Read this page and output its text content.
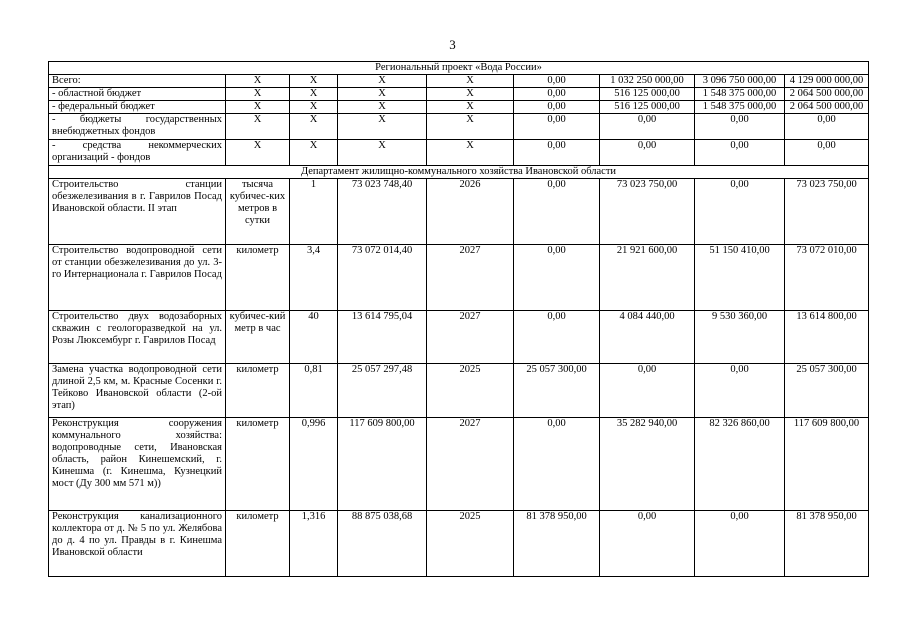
3
Региональный проект «Вода России»								
Всего:	Х	Х	Х	Х	0,00	1 032 250 000,00	3 096 750 000,00	4 129 000 000,00
- областной бюджет	Х	Х	Х	Х	0,00	516 125 000,00	1 548 375 000,00	2 064 500 000,00
- федеральный бюджет	Х	Х	Х	Х	0,00	516 125 000,00	1 548 375 000,00	2 064 500 000,00
- бюджеты государственных внебюджетных фондов	Х	Х	Х	Х	0,00	0,00	0,00	0,00
- средства некоммерческих организаций - фондов	Х	Х	Х	Х	0,00	0,00	0,00	0,00
Департамент жилищно-коммунального хозяйства Ивановской области								
Строительство станции обезжелезивания в г. Гаврилов Посад Ивановской области. II этап	тысяча кубичес-ких метров в сутки	1	73 023 748,40	2026	0,00	73 023 750,00	0,00	73 023 750,00
Строительство водопроводной сети от станции обезжелезивания до ул. 3-го Интернационала г. Гаврилов Посад	километр	3,4	73 072 014,40	2027	0,00	21 921 600,00	51 150 410,00	73 072 010,00
Строительство двух водозаборных скважин с геологоразведкой на ул. Розы Люксембург г. Гаврилов Посад	кубичес-кий метр в час	40	13 614 795,04	2027	0,00	4 084 440,00	9 530 360,00	13 614 800,00
Замена участка водопроводной сети длиной 2,5 км, м. Красные Сосенки г. Тейково Ивановской области (2-ой этап)	километр	0,81	25 057 297,48	2025	25 057 300,00	0,00	0,00	25 057 300,00
Реконструкция сооружения коммунального хозяйства: водопроводные сети, Ивановская область, район Кинешемский, г. Кинешма (г. Кинешма, Кузнецкий мост (Ду 300 мм 571 м))	километр	0,996	117 609 800,00	2027	0,00	35 282 940,00	82 326 860,00	117 609 800,00
Реконструкция канализационного коллектора от д. № 5 по ул. Желябова до д. 4 по ул. Правды в г. Кинешма Ивановской области	километр	1,316	88 875 038,68	2025	81 378 950,00	0,00	0,00	81 378 950,00
